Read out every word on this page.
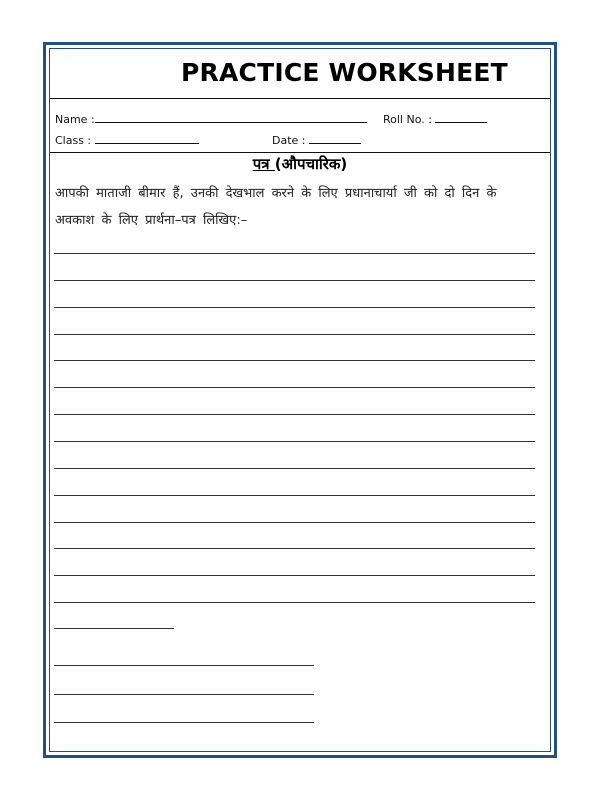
PRACTICE WORKSHEET
Name :	Roll No. :
Class :	Date :
पत्र (औपचारिक)
आपकी माताजी बीमार हैं, उनकी देखभाल करने के लिए प्रधानाचार्या जी को दो दिन के अवकाश के लिए प्रार्थना–पत्र लिखिए:–
